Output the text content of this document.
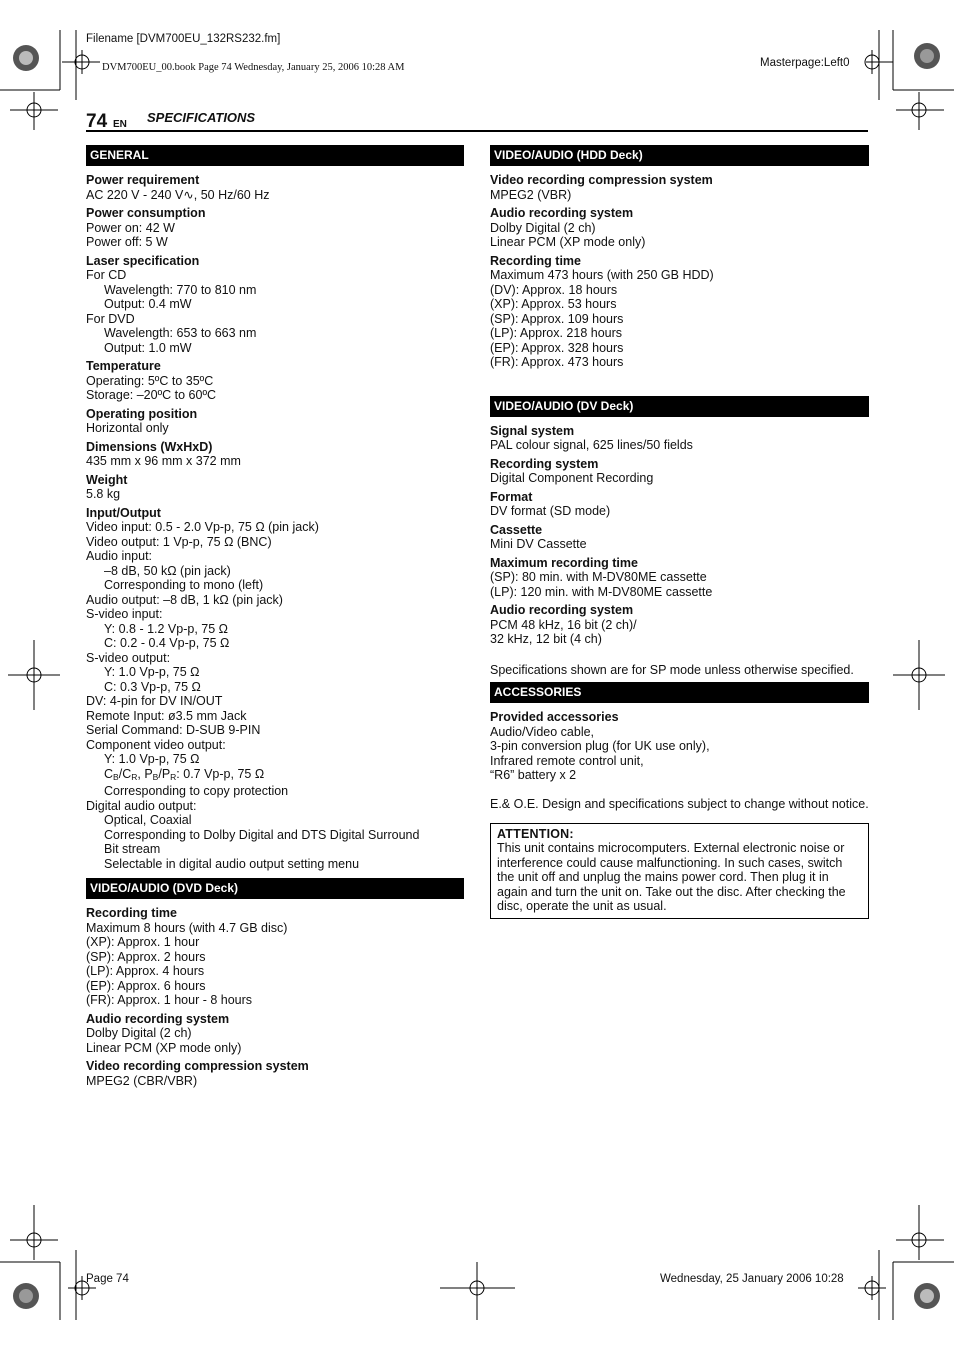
Filename [DVM700EU_132RS232.fm]
DVM700EU_00.book Page 74 Wednesday, January 25, 2006 10:28 AM	Masterpage:Left0
Page 74	Wednesday, 25 January 2006 10:28
74 EN SPECIFICATIONS
GENERAL
Power requirement
AC 220 V - 240 V∿, 50 Hz/60 Hz
Power consumption
Power on: 42 W
Power off: 5 W
Laser specification
For CD
Wavelength: 770 to 810 nm
Output: 0.4 mW
For DVD
Wavelength: 653 to 663 nm
Output: 1.0 mW
Temperature
Operating: 5ºC to 35ºC
Storage: –20ºC to 60ºC
Operating position
Horizontal only
Dimensions (WxHxD)
435 mm x 96 mm x 372 mm
Weight
5.8 kg
Input/Output
Video input: 0.5 - 2.0 Vp-p, 75 Ω (pin jack)
Video output: 1 Vp-p, 75 Ω (BNC)
Audio input:
–8 dB, 50 kΩ (pin jack)
Corresponding to mono (left)
Audio output: –8 dB, 1 kΩ (pin jack)
S-video input:
Y: 0.8 - 1.2 Vp-p, 75 Ω
C: 0.2 - 0.4 Vp-p, 75 Ω
S-video output:
Y: 1.0 Vp-p, 75 Ω
C: 0.3 Vp-p, 75 Ω
DV: 4-pin for DV IN/OUT
Remote Input: ø3.5 mm Jack
Serial Command: D-SUB 9-PIN
Component video output:
Y: 1.0 Vp-p, 75 Ω
$C_B/C_R$, $P_B/P_R$: 0.7 Vp-p, 75 Ω
Corresponding to copy protection
Digital audio output:
Optical, Coaxial
Corresponding to Dolby Digital and DTS Digital Surround
Bit stream
Selectable in digital audio output setting menu
VIDEO/AUDIO (DVD Deck)
Recording time
Maximum 8 hours (with 4.7 GB disc)
(XP): Approx. 1 hour
(SP): Approx. 2 hours
(LP): Approx. 4 hours
(EP): Approx. 6 hours
(FR): Approx. 1 hour - 8 hours
Audio recording system
Dolby Digital (2 ch)
Linear PCM (XP mode only)
Video recording compression system
MPEG2 (CBR/VBR)
VIDEO/AUDIO (HDD Deck)
Video recording compression system
MPEG2 (VBR)
Audio recording system
Dolby Digital (2 ch)
Linear PCM (XP mode only)
Recording time
Maximum 473 hours (with 250 GB HDD)
(DV): Approx. 18 hours
(XP): Approx. 53 hours
(SP): Approx. 109 hours
(LP): Approx. 218 hours
(EP): Approx. 328 hours
(FR): Approx. 473 hours
VIDEO/AUDIO (DV Deck)
Signal system
PAL colour signal, 625 lines/50 fields
Recording system
Digital Component Recording
Format
DV format (SD mode)
Cassette
Mini DV Cassette
Maximum recording time
(SP): 80 min. with M-DV80ME cassette
(LP): 120 min. with M-DV80ME cassette
Audio recording system
PCM 48 kHz, 16 bit (2 ch)/
32 kHz, 12 bit (4 ch)
Specifications shown are for SP mode unless otherwise specified.
ACCESSORIES
Provided accessories
Audio/Video cable,
3-pin conversion plug (for UK use only),
Infrared remote control unit,
“R6” battery x 2
E.& O.E. Design and specifications subject to change without notice.
ATTENTION:

This unit contains microcomputers. External electronic noise or interference could cause malfunctioning. In such cases, switch the unit off and unplug the mains power cord. Then plug it in again and turn the unit on. Take out the disc. After checking the disc, operate the unit as usual.
